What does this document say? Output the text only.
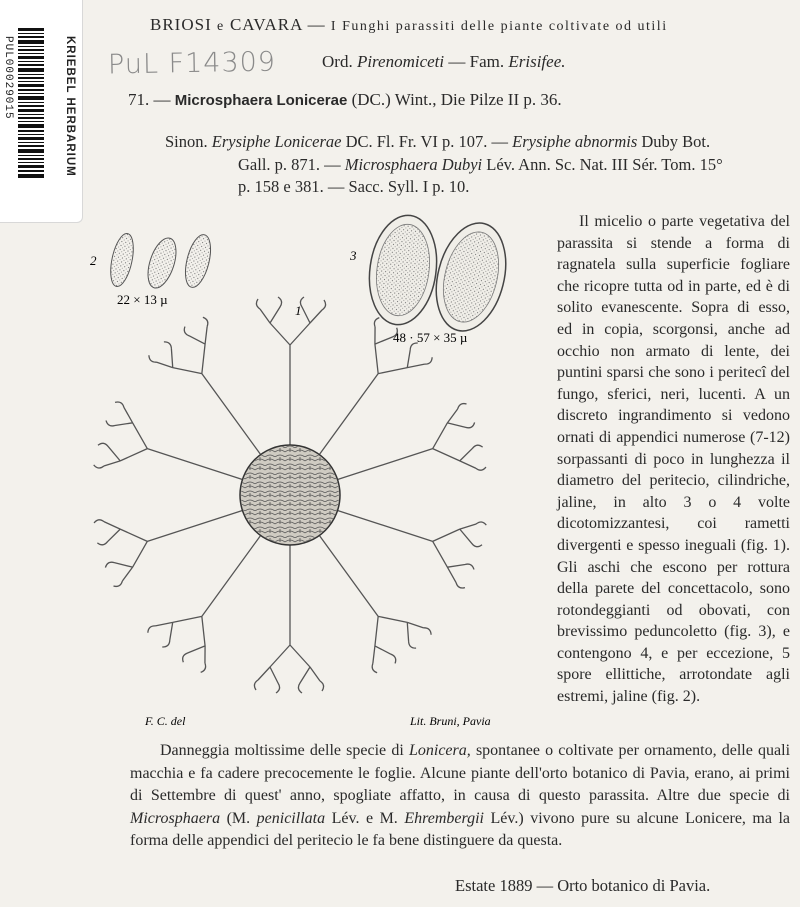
KRIEBEL HERBARIUM
PUL00029015	PuL F14309
BRIOSI e CAVARA — I Funghi parassiti delle piante coltivate od utili
Ord. Pirenomiceti — Fam. Erisifee.
71. — Microsphaera Lonicerae (DC.) Wint., Die Pilze II p. 36.
Sinon. Erysiphe Lonicerae DC. Fl. Fr. VI p. 107. — Erysiphe abnormis Duby Bot.
Gall. p. 871. — Microsphaera Dubyi Lév. Ann. Sc. Nat. III Sér. Tom. 15°
p. 158 e 381. — Sacc. Syll. I p. 10.
2	3
1
22 × 13 µ
48 · 57 × 35 µ
F. C. del	Lit. Bruni, Pavia
Il micelio o parte vegetativa del parassita si stende a forma di ragnatela sulla superficie fogliare che ricopre tutta od in parte, ed è di solito evanescente. Sopra di esso, ed in copia, scorgonsi, anche ad occhio non armato di lente, dei puntini sparsi che sono i peritecî del fungo, sferici, neri, lucenti. A un discreto ingrandimento si vedono ornati di appendici numerose (7-12) sorpassanti di poco in lunghezza il diametro del peritecio, cilindriche, jaline, in alto 3 o 4 volte dicotomizzantesi, coi rametti divergenti e spesso ineguali (fig. 1). Gli aschi che escono per rottura della parete del concettacolo, sono rotondeggianti od obovati, con brevissimo peduncoletto (fig. 3), e contengono 4, e per eccezione, 5 spore ellittiche, arrotondate agli estremi, jaline (fig. 2).
Danneggia moltissime delle specie di Lonicera, spontanee o coltivate per ornamento, delle quali macchia e fa cadere precocemente le foglie. Alcune piante dell'orto botanico di Pavia, erano, ai primi di Settembre di quest' anno, spogliate affatto, in causa di questo parassita. Altre due specie di Microsphaera (M. penicillata Lév. e M. Ehrembergii Lév.) vivono pure su alcune Lonicere, ma la forma delle appendici del peritecio le fa bene distinguere da questa.
Estate 1889 — Orto botanico di Pavia.
